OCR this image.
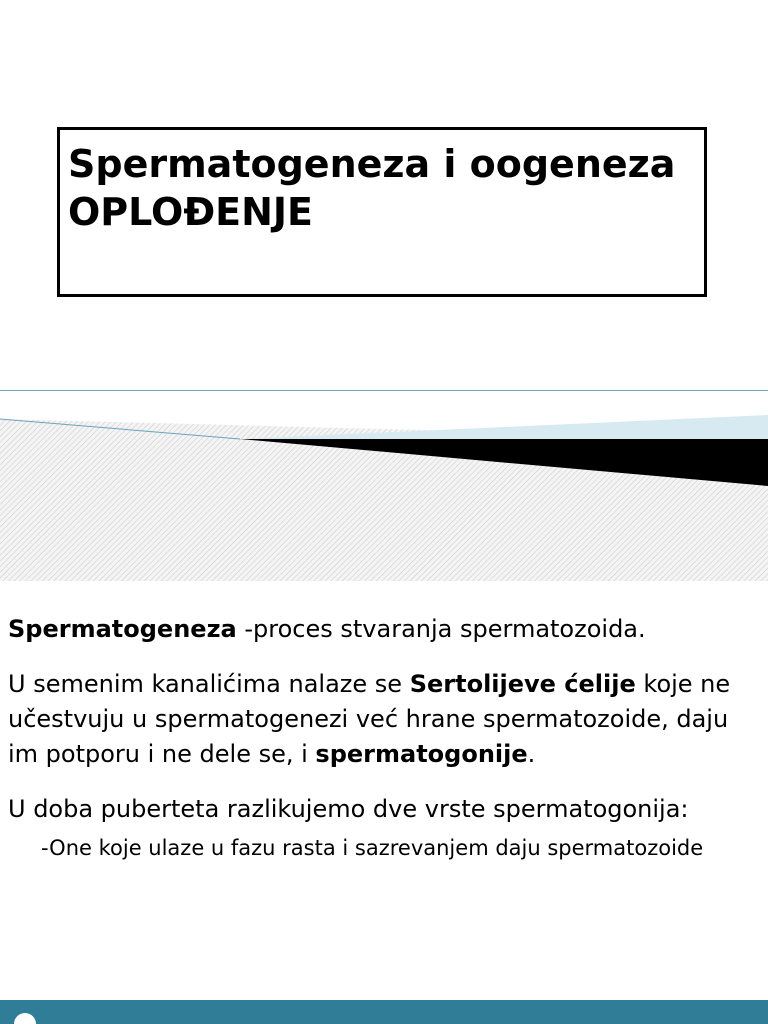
Spermatogeneza i oogeneza
OPLOĐENJE

Spermatogeneza -proces stvaranja spermatozoida.

U semenim kanalićima nalaze se Sertolijeve ćelije koje ne učestvuju u spermatogenezi već hrane spermatozoide, daju im potporu i ne dele se, i spermatogonije.

U doba puberteta razlikujemo dve vrste spermatogonija:

-One koje ulaze u fazu rasta i sazrevanjem daju spermatozoide
